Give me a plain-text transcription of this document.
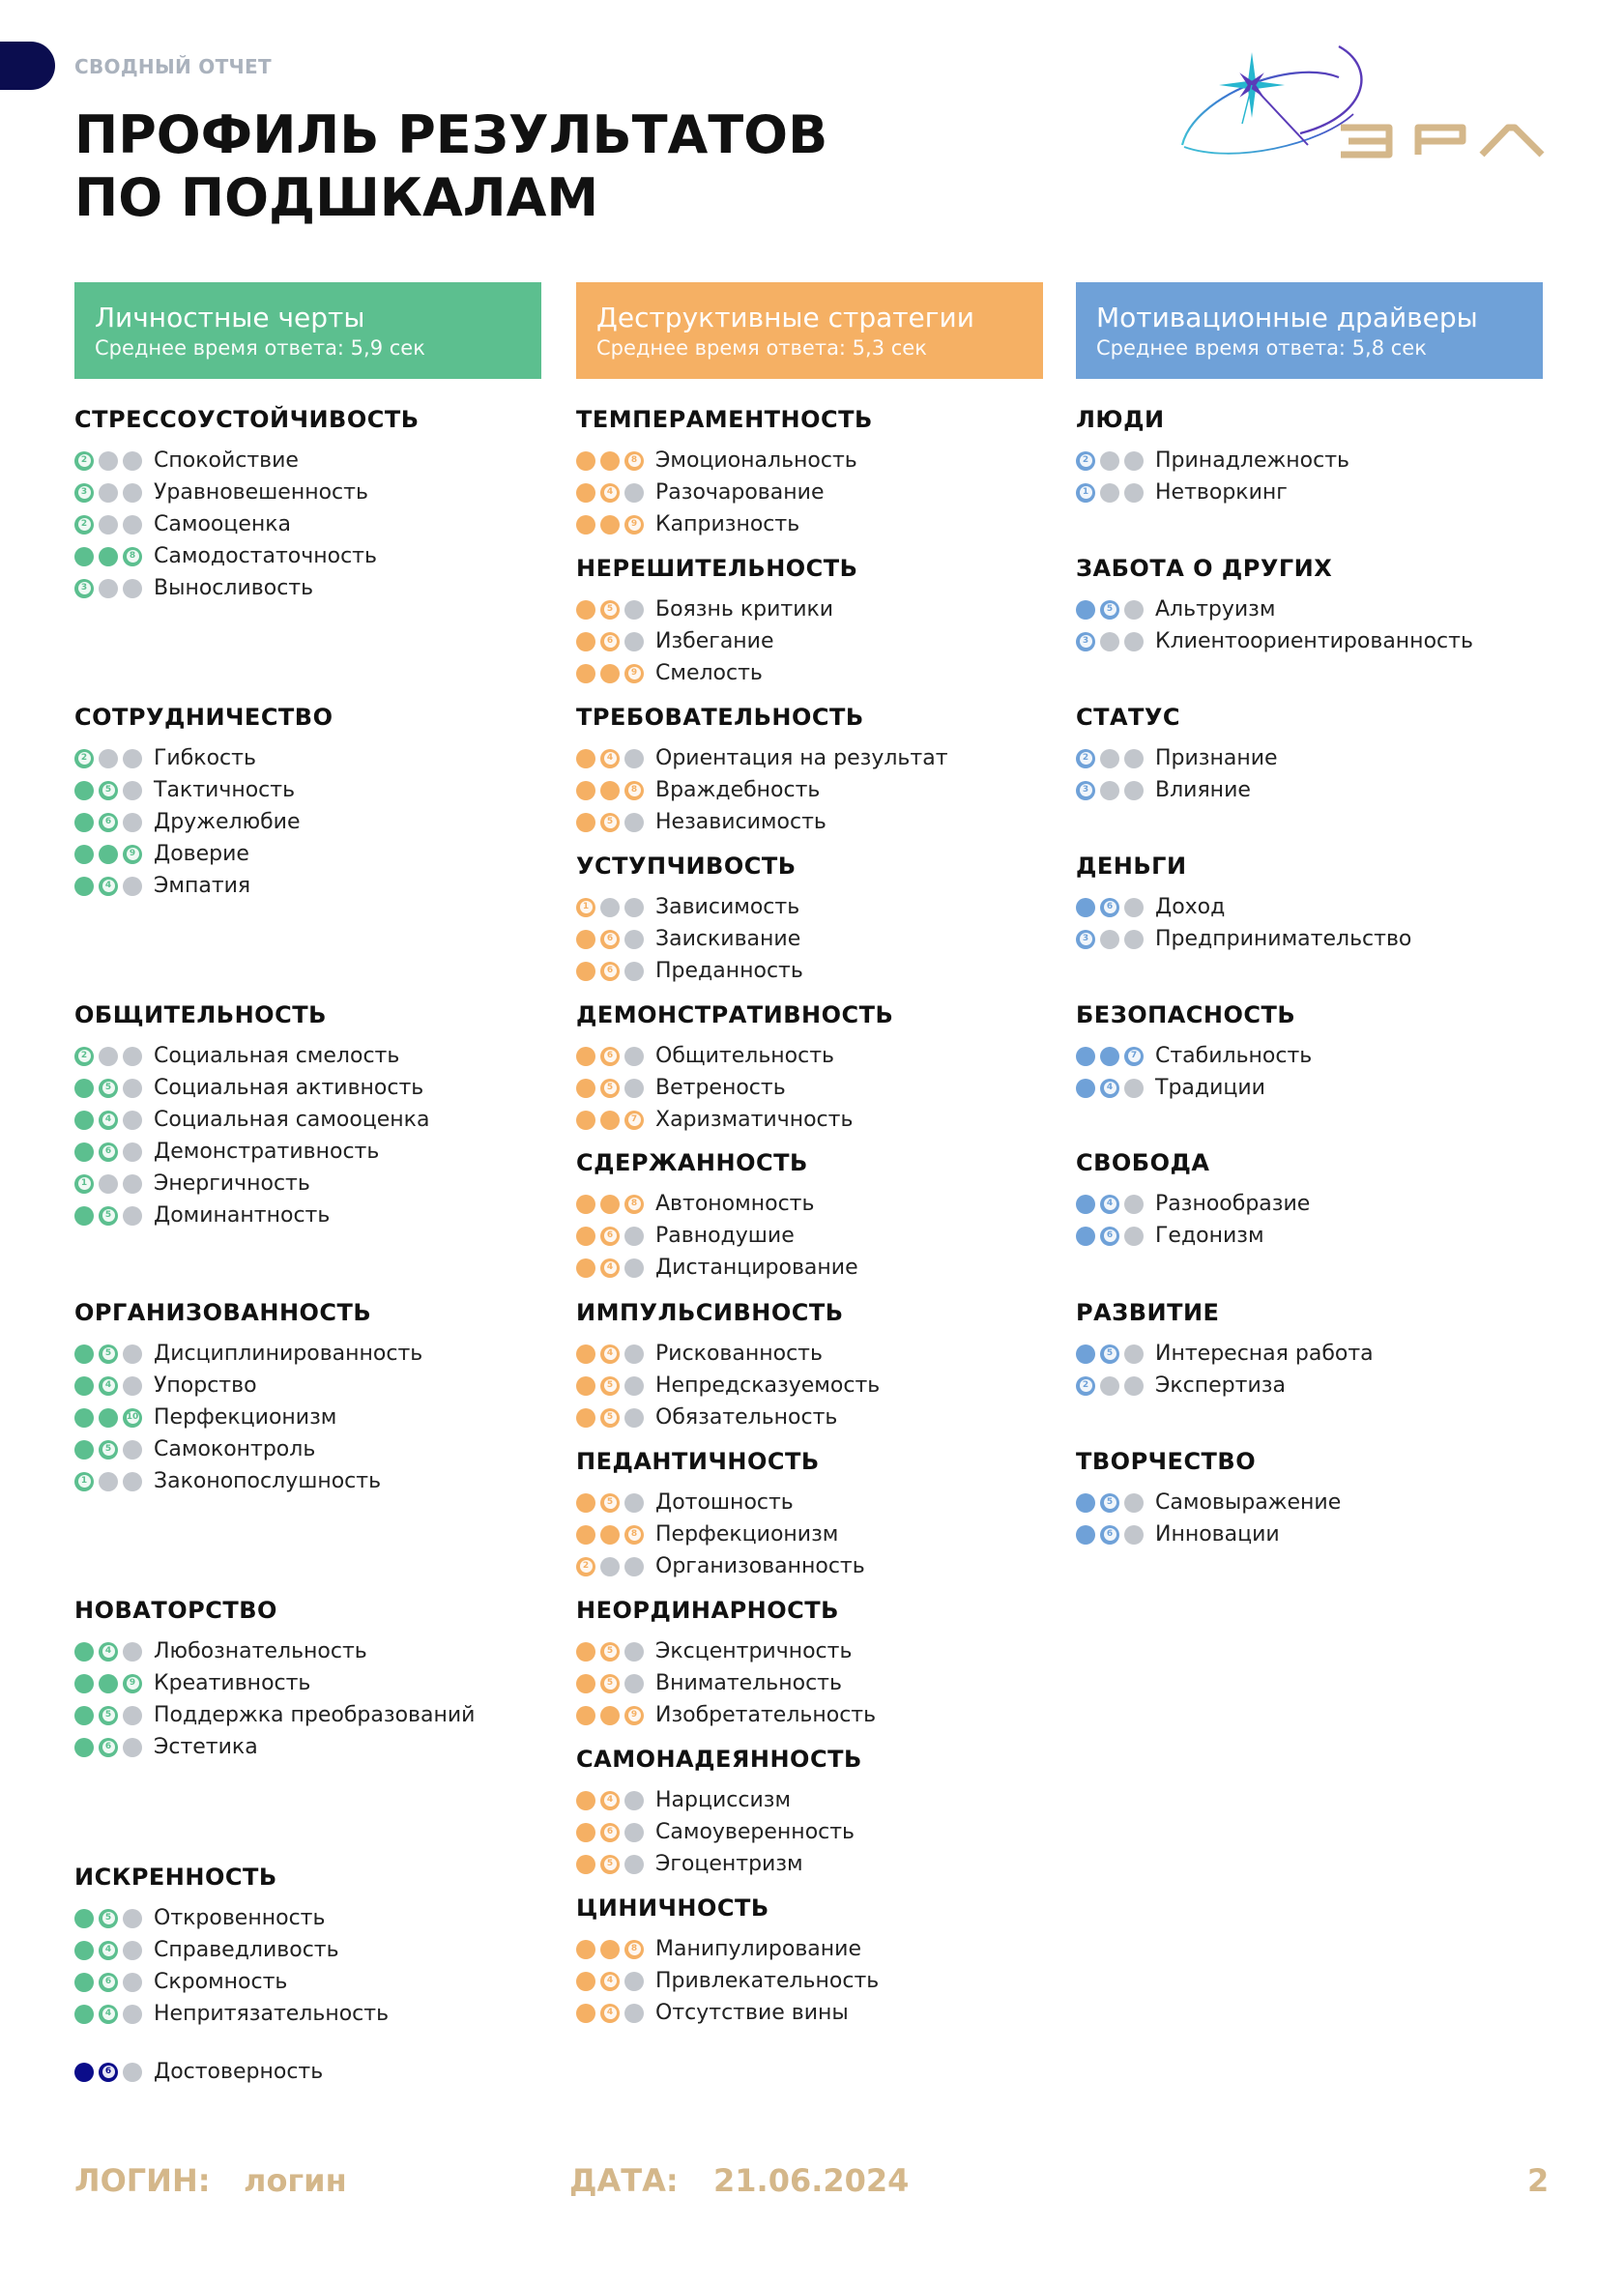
СВОДНЫЙ ОТЧЕТ
ПРОФИЛЬ РЕЗУЛЬТАТОВ
ПО ПОДШКАЛАМ
Личностные черты
Среднее время ответа: 5,9 сек
Деструктивные стратегии
Среднее время ответа: 5,3 сек
Мотивационные драйверы
Среднее время ответа: 5,8 сек
СТРЕССОУСТОЙЧИВОСТЬ
2	Спокойствие
3	Уравновешенность
2	Самооценка
8 Самодостаточность
3	Выносливость
СОТРУДНИЧЕСТВО
2	Гибкость
5 Тактичность
6 Дружелюбие
9 Доверие
4 Эмпатия
ОБЩИТЕЛЬНОСТЬ
2	Социальная смелость
5 Социальная активность
4 Социальная самооценка
6 Демонстративность
1	Энергичность
5 Доминантность
ОРГАНИЗОВАННОСТЬ
5 Дисциплинированность
4 Упорство
10 Перфекционизм
5 Самоконтроль
1	Законопослушность
НОВАТОРСТВО
4 Любознательность
9 Креативность
5 Поддержка преобразований
6 Эстетика
ИСКРЕННОСТЬ
5 Откровенность
4 Справедливость
6 Скромность
4 Непритязательность
6 Достоверность
ТЕМПЕРАМЕНТНОСТЬ
8 Эмоциональность
4 Разочарование
9 Капризность
НЕРЕШИТЕЛЬНОСТЬ
5 Боязнь критики
6 Избегание
9 Смелость
ТРЕБОВАТЕЛЬНОСТЬ
4 Ориентация на результат
8 Враждебность
5 Независимость
УСТУПЧИВОСТЬ
1	Зависимость
6 Заискивание
6 Преданность
ДЕМОНСТРАТИВНОСТЬ
6 Общительность
5 Ветреность
7 Харизматичность
СДЕРЖАННОСТЬ
8 Автономность
6 Равнодушие
4 Дистанцирование
ИМПУЛЬСИВНОСТЬ
4 Рискованность
5 Непредсказуемость
5 Обязательность
ПЕДАНТИЧНОСТЬ
5 Дотошность
8 Перфекционизм
2	Организованность
НЕОРДИНАРНОСТЬ
5 Эксцентричность
5 Внимательность
9 Изобретательность
САМОНАДЕЯННОСТЬ
4 Нарциссизм
6 Самоуверенность
5 Эгоцентризм
ЦИНИЧНОСТЬ
8 Манипулирование
4 Привлекательность
4 Отсутствие вины
ЛЮДИ
2	Принадлежность
1	Нетворкинг
ЗАБОТА О ДРУГИХ
5 Альтруизм
3	Клиентоориентированность
СТАТУС
2	Признание
3	Влияние
ДЕНЬГИ
6 Доход
3	Предпринимательство
БЕЗОПАСНОСТЬ
7 Стабильность
4 Традиции
СВОБОДА
4 Разнообразие
6 Гедонизм
РАЗВИТИЕ
5 Интересная работа
2	Экспертиза
ТВОРЧЕСТВО
5 Самовыражение
6 Инновации
ЛОГИН: логин	ДАТА: 21.06.2024	2
